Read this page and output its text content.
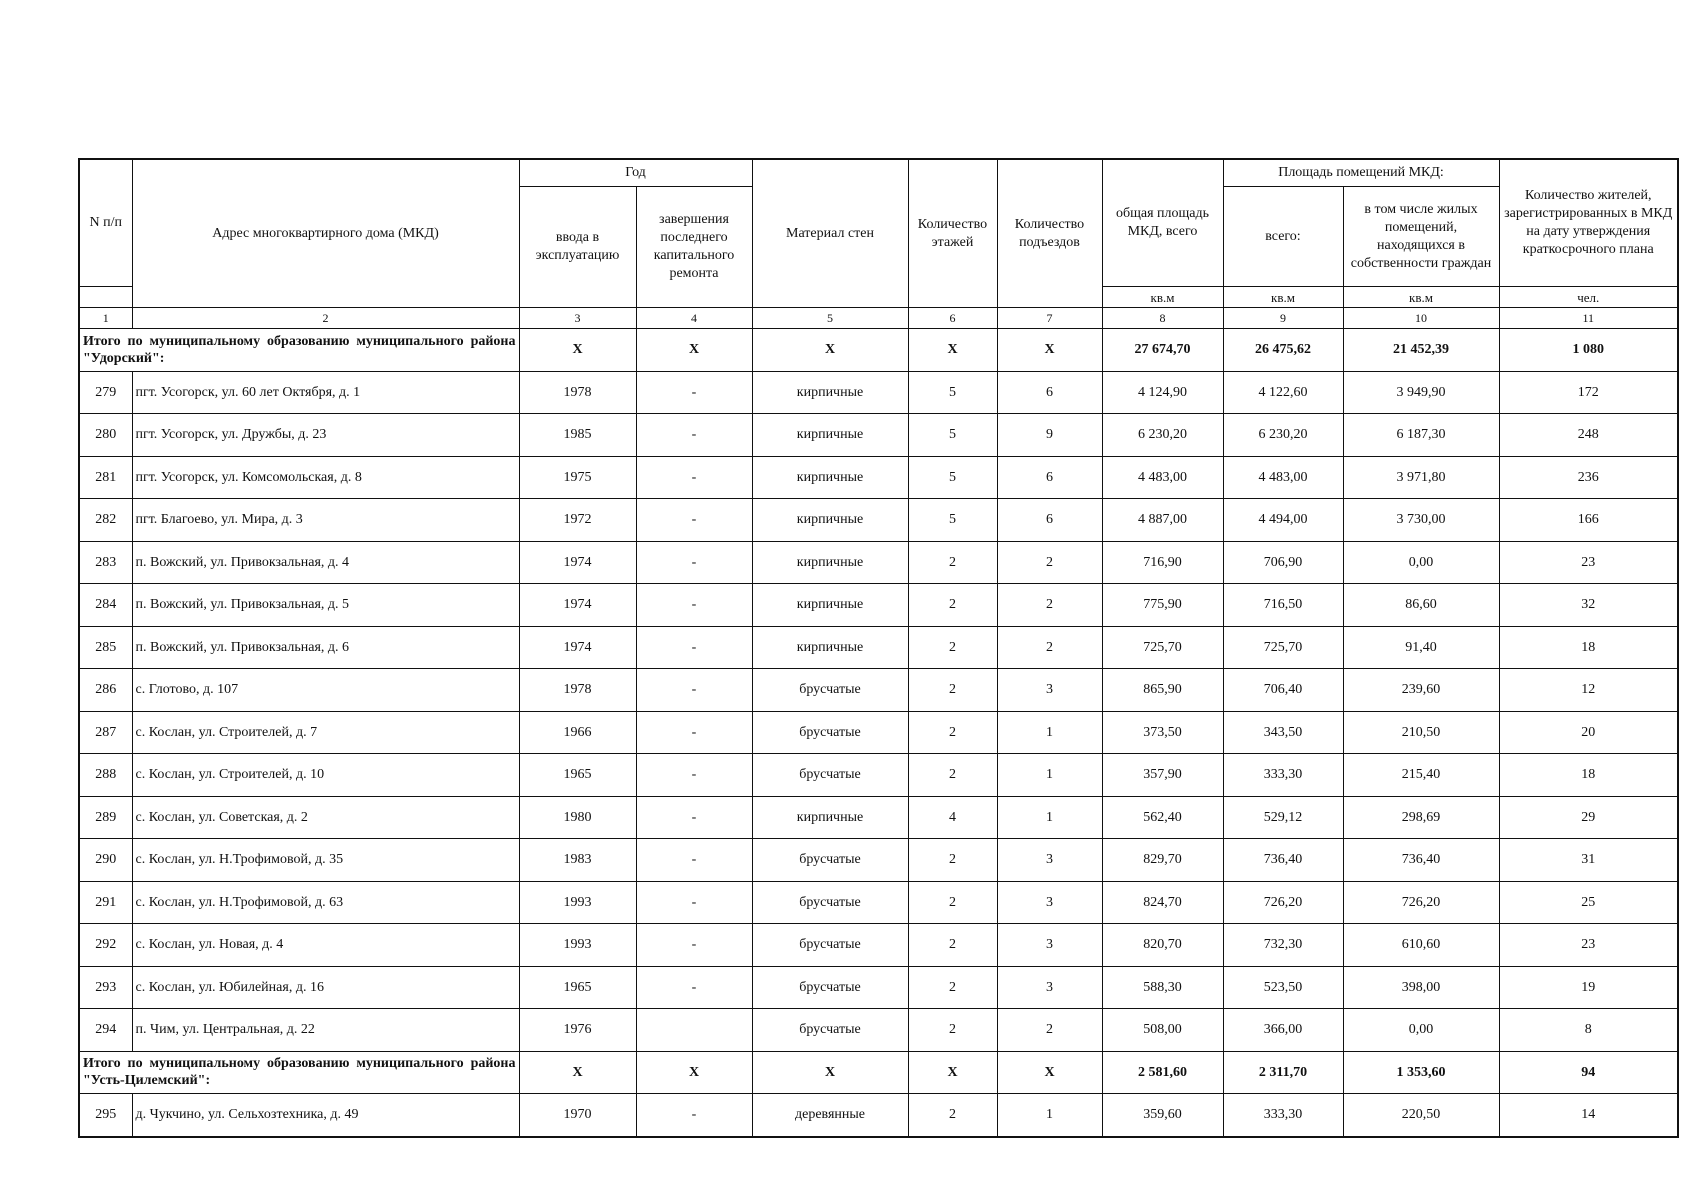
N п/п	Адрес многоквартирного дома (МКД)	Год		Материал стен	Количество этажей	Количество подъездов	общая площадь МКД, всего	Площадь помещений МКД:		Количество жителей, зарегистрированных в МКД на дату утверждения краткосрочного плана
		ввода в эксплуатацию	завершения последнего капитального ремонта					всего:	в том числе жилых помещений, находящихся в собственности граждан	
							кв.м	кв.м	кв.м	чел.
1	2	3	4	5	6	7	8	9	10	11
Итого по муниципальному образованию муниципального района "Удорский":		X	X	X	X	X	27 674,70	26 475,62	21 452,39	1 080
279	пгт. Усогорск, ул. 60 лет Октября, д. 1	1978	-	кирпичные	5	6	4 124,90	4 122,60	3 949,90	172
280	пгт. Усогорск, ул. Дружбы, д. 23	1985	-	кирпичные	5	9	6 230,20	6 230,20	6 187,30	248
281	пгт. Усогорск, ул. Комсомольская, д. 8	1975	-	кирпичные	5	6	4 483,00	4 483,00	3 971,80	236
282	пгт. Благоево, ул. Мира, д. 3	1972	-	кирпичные	5	6	4 887,00	4 494,00	3 730,00	166
283	п. Вожский, ул. Привокзальная, д. 4	1974	-	кирпичные	2	2	716,90	706,90	0,00	23
284	п. Вожский, ул. Привокзальная, д. 5	1974	-	кирпичные	2	2	775,90	716,50	86,60	32
285	п. Вожский, ул. Привокзальная, д. 6	1974	-	кирпичные	2	2	725,70	725,70	91,40	18
286	с. Глотово, д. 107	1978	-	брусчатые	2	3	865,90	706,40	239,60	12
287	с. Кослан, ул. Строителей, д. 7	1966	-	брусчатые	2	1	373,50	343,50	210,50	20
288	с. Кослан, ул. Строителей, д. 10	1965	-	брусчатые	2	1	357,90	333,30	215,40	18
289	с. Кослан, ул. Советская, д. 2	1980	-	кирпичные	4	1	562,40	529,12	298,69	29
290	с. Кослан, ул. Н.Трофимовой, д. 35	1983	-	брусчатые	2	3	829,70	736,40	736,40	31
291	с. Кослан, ул. Н.Трофимовой, д. 63	1993	-	брусчатые	2	3	824,70	726,20	726,20	25
292	с. Кослан, ул. Новая, д. 4	1993	-	брусчатые	2	3	820,70	732,30	610,60	23
293	с. Кослан, ул. Юбилейная, д. 16	1965	-	брусчатые	2	3	588,30	523,50	398,00	19
294	п. Чим, ул. Центральная, д. 22	1976		брусчатые	2	2	508,00	366,00	0,00	8
Итого по муниципальному образованию муниципального района "Усть-Цилемский":		X	X	X	X	X	2 581,60	2 311,70	1 353,60	94
295	д. Чукчино, ул. Сельхозтехника, д. 49	1970	-	деревянные	2	1	359,60	333,30	220,50	14
